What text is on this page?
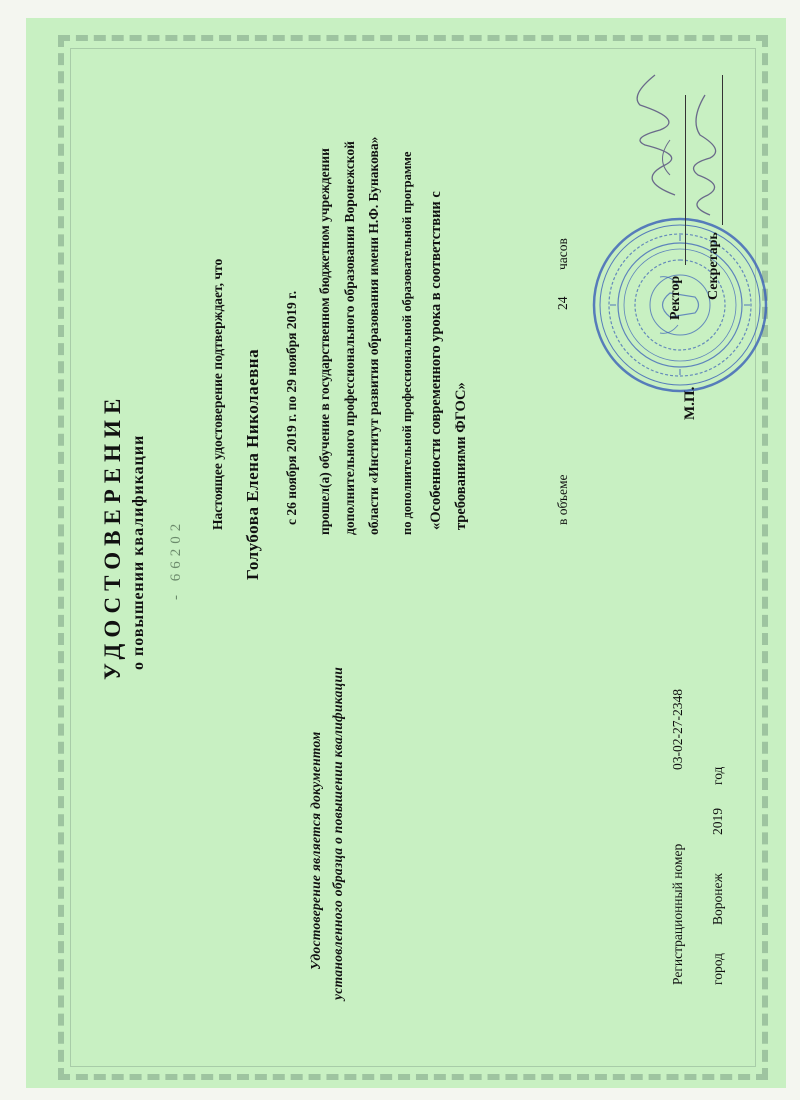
УДОСТОВЕРЕНИЕ о повышении квалификации - 66202
Настоящее удостоверение подтверждает, что Голубова Елена Николаевна с 26 ноября 2019 г. по 29 ноября 2019 г. прошел(а) обучение в государственном бюджетном учреждении дополнительного профессионального образования Воронежской области «Институт развития образования имени Н.Ф. Бунакова» по дополнительной профессиональной образовательной программе «Особенности современного урока в соответствии с требованиями ФГОС»	в объеме
24
часов
М.П.
Ректор Секретарь
Удостоверение является документом установленного образца о повышении квалификации	Регистрационный номер
03-02-27-2348
город
Воронеж
2019
год
